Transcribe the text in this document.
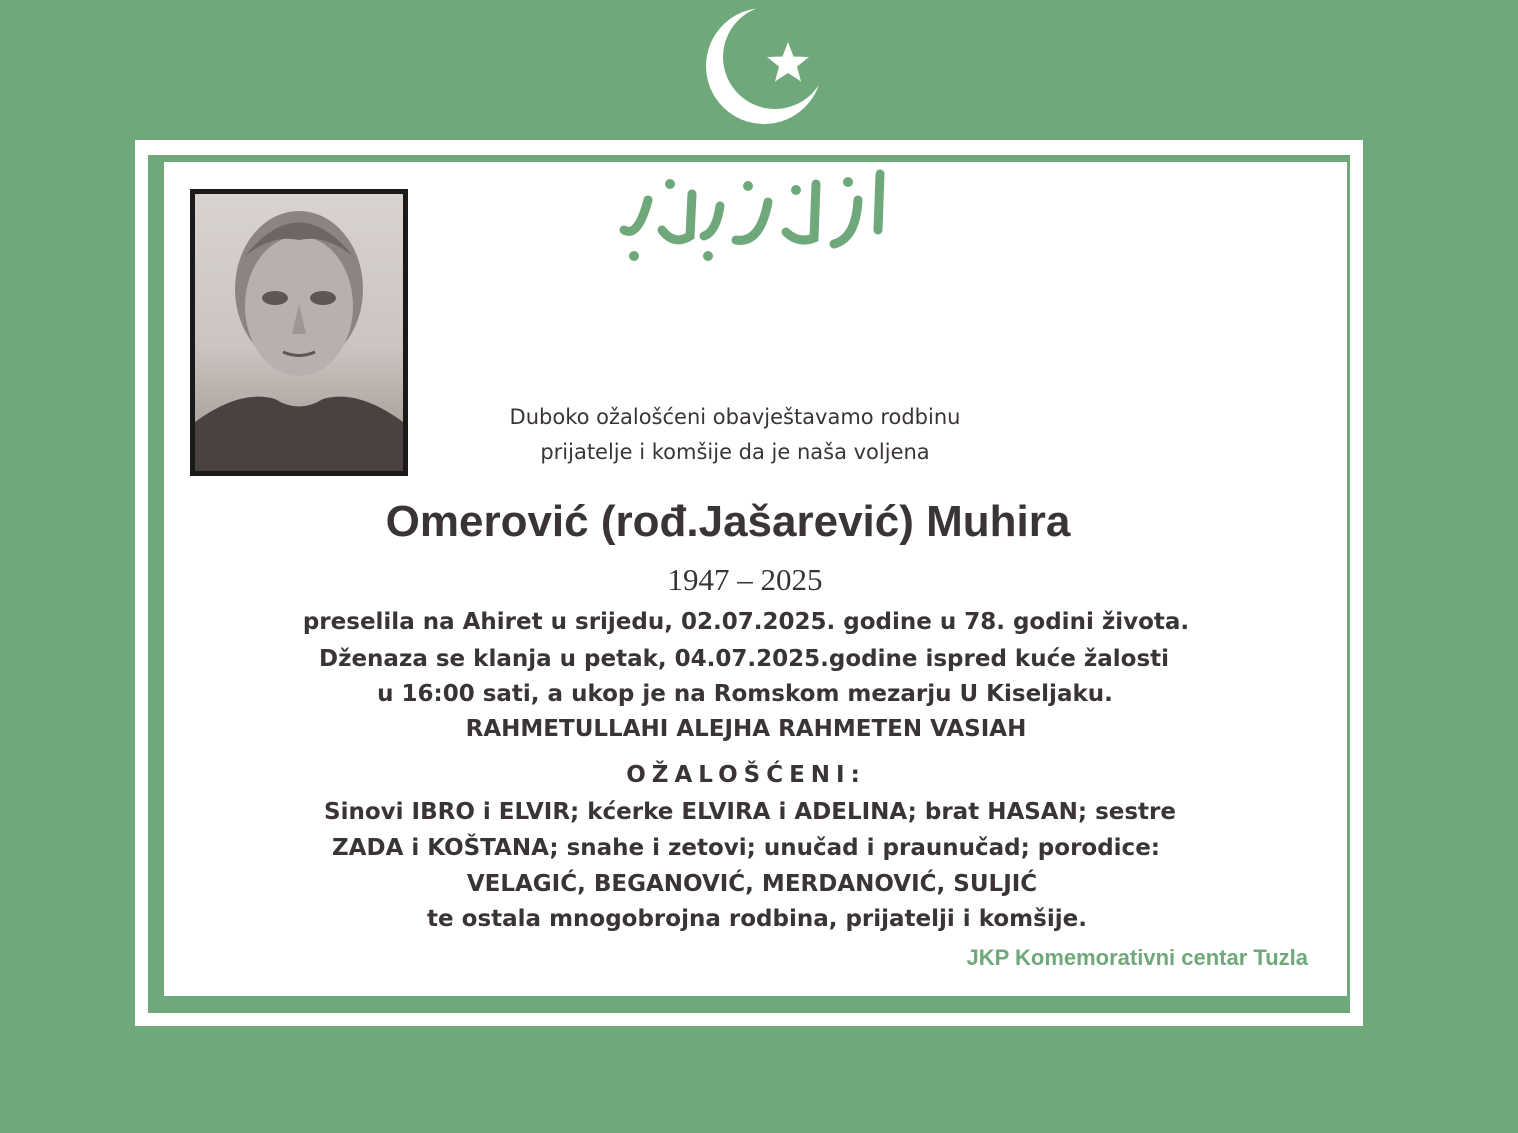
Duboko ožalošćeni obavještavamo rodbinu
prijatelje i komšije da je naša voljena
Omerović (rođ.Jašarević) Muhira
1947 – 2025
preselila na Ahiret u srijedu, 02.07.2025. godine u 78. godini života.
Dženaza se klanja u petak, 04.07.2025.godine ispred kuće žalosti
u 16:00 sati, a ukop je na Romskom mezarju U Kiseljaku.
RAHMETULLAHI ALEJHA RAHMETEN VASIAH
OŽALOŠĆENI:
Sinovi IBRO i ELVIR; kćerke ELVIRA i ADELINA; brat HASAN; sestre
ZADA i KOŠTANA; snahe i zetovi; unučad i praunučad; porodice:
VELAGIĆ, BEGANOVIĆ, MERDANOVIĆ, SULJIĆ
te ostala mnogobrojna rodbina, prijatelji i komšije.
JKP Komemorativni centar Tuzla
